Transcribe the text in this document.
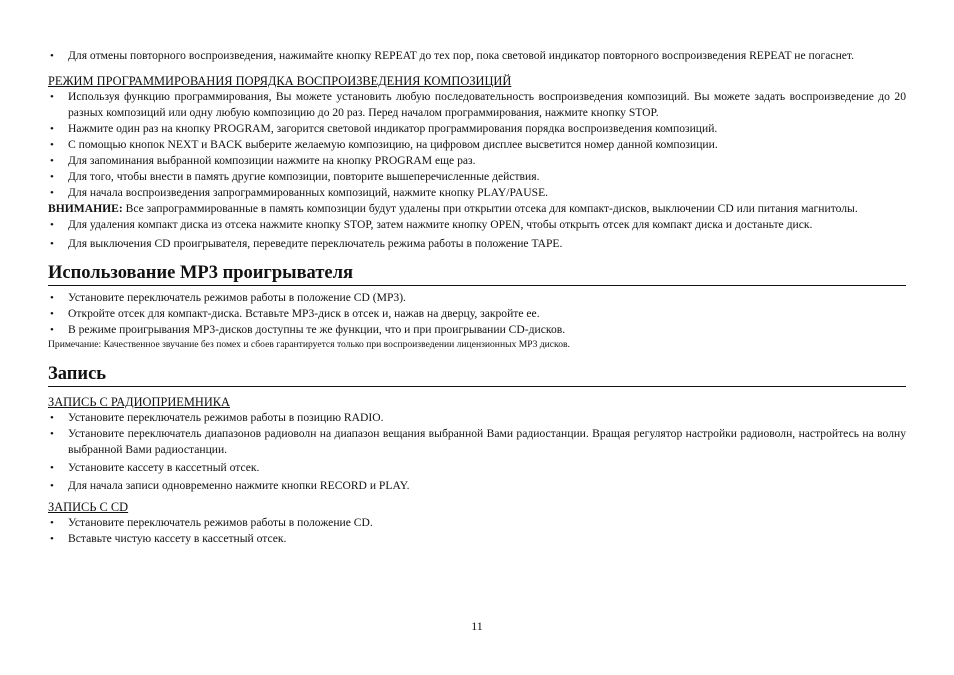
• Для отмены повторного воспроизведения, нажимайте кнопку REPEAT до тех пор, пока световой индикатор повторного воспроизведения REPEAT не погаснет.

РЕЖИМ ПРОГРАММИРОВАНИЯ ПОРЯДКА ВОСПРОИЗВЕДЕНИЯ КОМПОЗИЦИЙ

• Используя функцию программирования, Вы можете установить любую последовательность воспроизведения композиций. Вы можете задать воспроизведение до 20 разных композиций или одну любую композицию до 20 раз. Перед началом программирования, нажмите кнопку STOP.
• Нажмите один раз на кнопку PROGRAM, загорится световой индикатор программирования порядка воспроизведения композиций.
• С помощью кнопок NEXT и BACK выберите желаемую композицию, на цифровом дисплее высветится номер данной композиции.
• Для запоминания выбранной композиции нажмите на кнопку PROGRAM еще раз.
• Для того, чтобы внести в память другие композиции, повторите вышеперечисленные действия.
• Для начала воспроизведения запрограммированных композиций, нажмите кнопку PLAY/PAUSE.

ВНИМАНИЕ: Все запрограммированные в память композиции будут удалены при открытии отсека для компакт-дисков, выключении CD или питания магнитолы.

• Для удаления компакт диска из отсека нажмите кнопку STOP, затем нажмите кнопку OPEN, чтобы открыть отсек для компакт диска и достаньте диск.
• Для выключения CD проигрывателя, переведите переключатель режима работы в положение TAPE.
Использование MP3 проигрывателя
• Установите переключатель режимов работы в положение CD (MP3).
• Откройте отсек для компакт-диска. Вставьте MP3-диск в отсек и, нажав на дверцу, закройте ее.
• В режиме проигрывания MP3-дисков доступны те же функции, что и при проигрывании CD-дисков.

Примечание: Качественное звучание без помех и сбоев гарантируется только при воспроизведении лицензионных MP3 дисков.

Запись

ЗАПИСЬ С РАДИОПРИЕМНИКА

• Установите переключатель режимов работы в позицию RADIO.
• Установите переключатель диапазонов радиоволн на диапазон вещания выбранной Вами радиостанции. Вращая регулятор настройки радиоволн, настройтесь на волну выбранной Вами радиостанции.
• Установите кассету в кассетный отсек.
• Для начала записи одновременно нажмите кнопки RECORD и PLAY.

ЗАПИСЬ С CD

• Установите переключатель режимов работы в положение CD.
• Вставьте чистую кассету в кассетный отсек.
11
